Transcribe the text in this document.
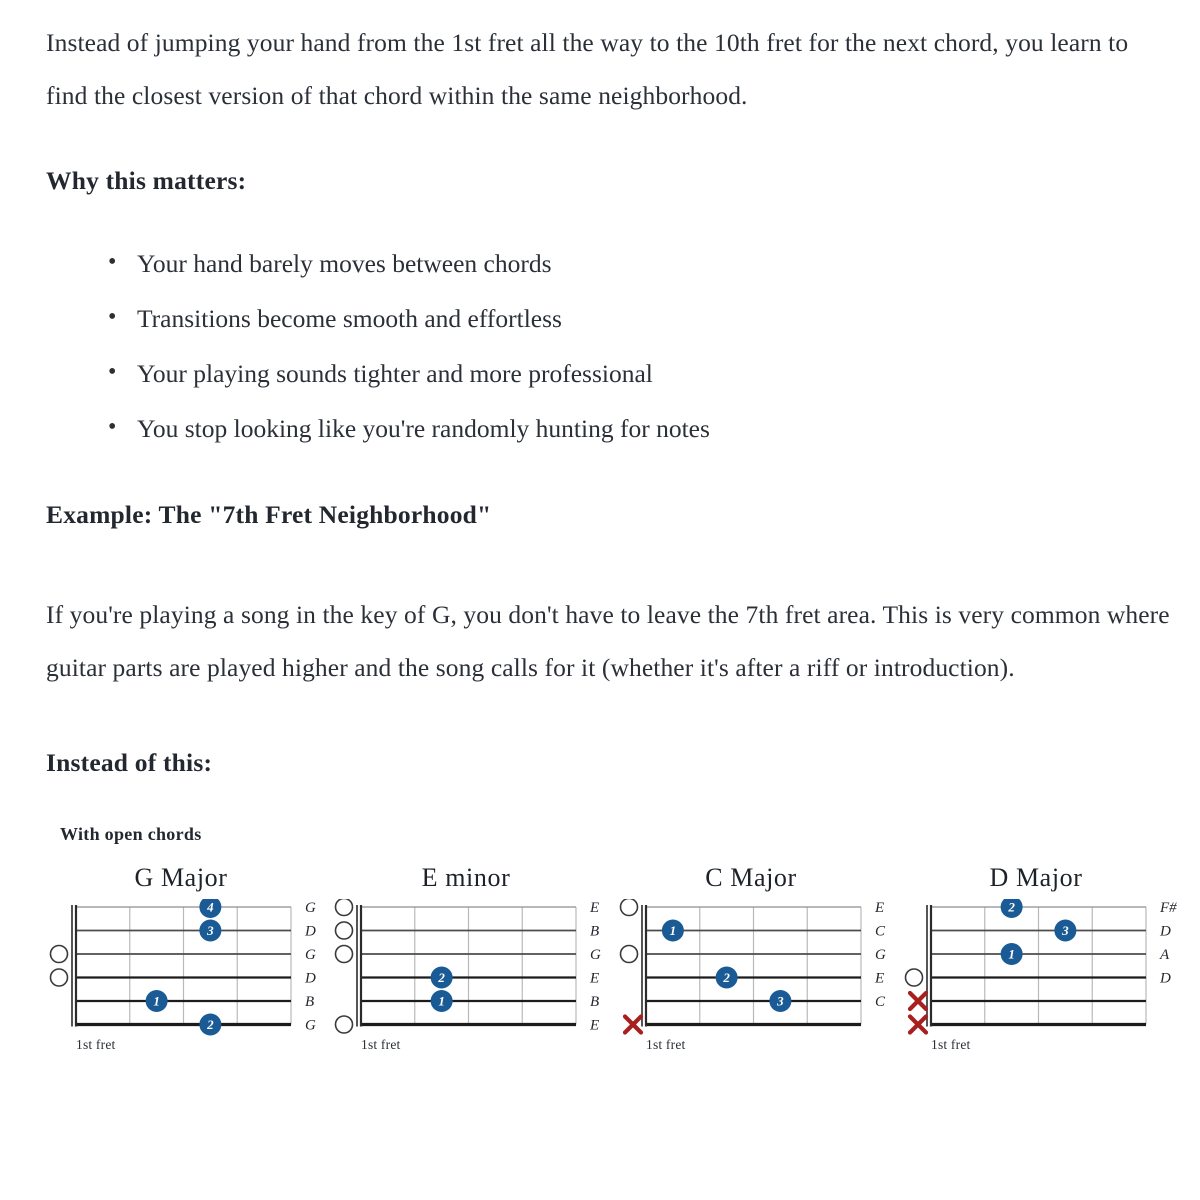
Instead of jumping your hand from the 1st fret all the way to the 10th fret for the next chord, you learn to find the closest version of that chord within the same neighborhood.

Why this matters:
• Your hand barely moves between chords
• Transitions become smooth and effortless
• Your playing sounds tighter and more professional
• You stop looking like you're randomly hunting for notes
Example: The "7th Fret Neighborhood"

If you're playing a song in the key of G, you don't have to leave the 7th fret area. This is very common where guitar parts are played higher and the song calls for it (whether it's after a riff or introduction).

Instead of this:
With open chords
G Major
G
D
G
D
B
G
4
3
1
2
1st fret
E minor
E
B
G
E
B
E
2
1
1st fret
C Major
E
C
G
E
C
1
2
3
1st fret
D Major
F#
D
A
D
2
3
1
1st fret
